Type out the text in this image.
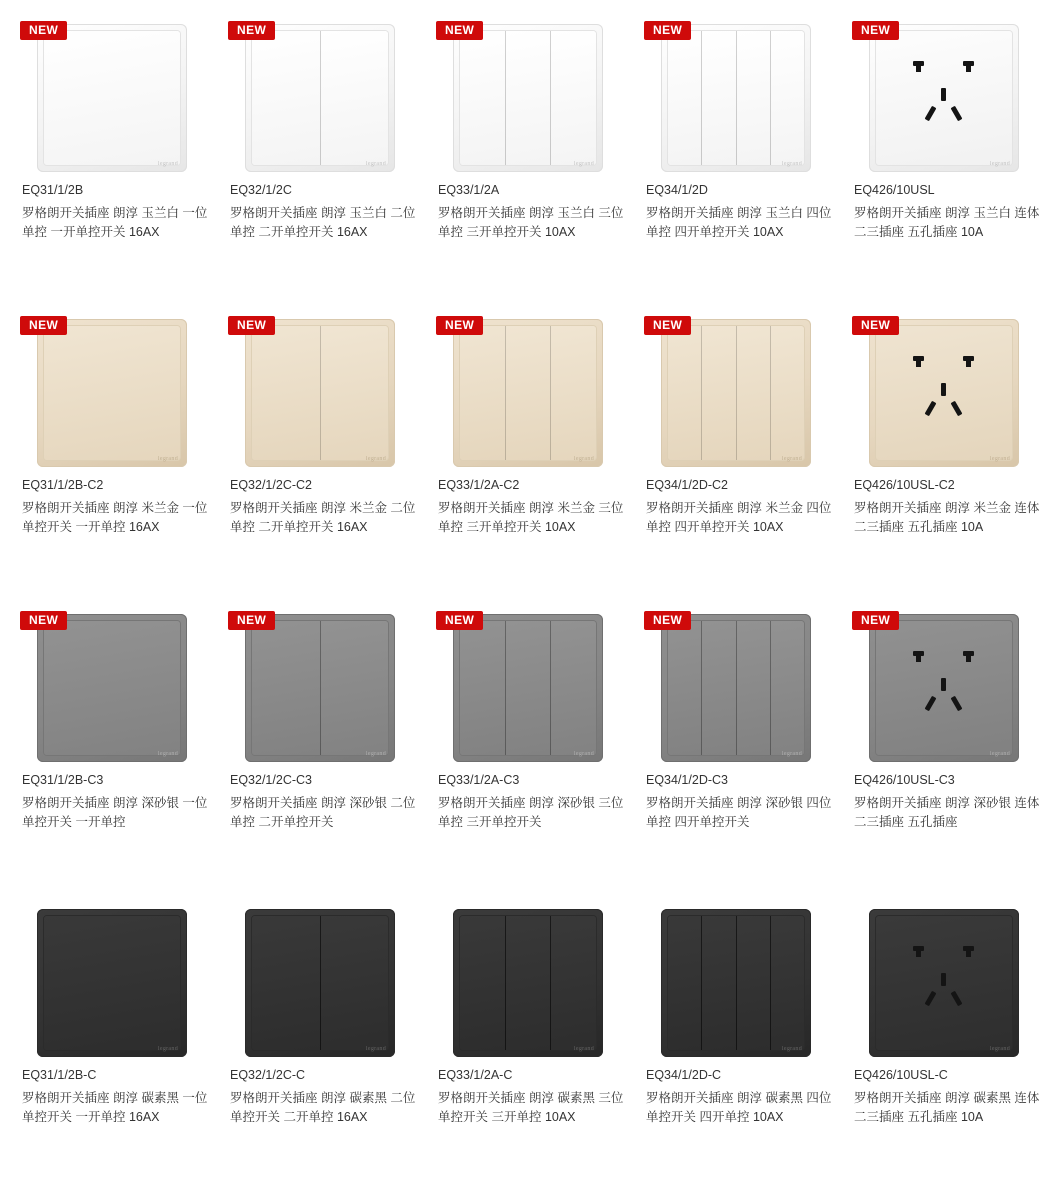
NEW
legrand
EQ31/1/2B
罗格朗开关插座 朗淳 玉兰白 一位单控 一开单控开关 16AX
NEW
legrand
EQ32/1/2C
罗格朗开关插座 朗淳 玉兰白 二位单控 二开单控开关 16AX
NEW
legrand
EQ33/1/2A
罗格朗开关插座 朗淳 玉兰白 三位单控 三开单控开关 10AX
NEW
legrand
EQ34/1/2D
罗格朗开关插座 朗淳 玉兰白 四位单控 四开单控开关 10AX
NEW
legrand
EQ426/10USL
罗格朗开关插座 朗淳 玉兰白 连体二三插座 五孔插座 10A
NEW
legrand
EQ31/1/2B-C2
罗格朗开关插座 朗淳 米兰金 一位单控开关 一开单控 16AX
NEW
legrand
EQ32/1/2C-C2
罗格朗开关插座 朗淳 米兰金 二位单控 二开单控开关 16AX
NEW
legrand
EQ33/1/2A-C2
罗格朗开关插座 朗淳 米兰金 三位单控 三开单控开关 10AX
NEW
legrand
EQ34/1/2D-C2
罗格朗开关插座 朗淳 米兰金 四位单控 四开单控开关 10AX
NEW
legrand
EQ426/10USL-C2
罗格朗开关插座 朗淳 米兰金 连体二三插座 五孔插座 10A
NEW
legrand
EQ31/1/2B-C3
罗格朗开关插座 朗淳 深砂银 一位单控开关 一开单控
NEW
legrand
EQ32/1/2C-C3
罗格朗开关插座 朗淳 深砂银 二位单控 二开单控开关
NEW
legrand
EQ33/1/2A-C3
罗格朗开关插座 朗淳 深砂银 三位单控 三开单控开关
NEW
legrand
EQ34/1/2D-C3
罗格朗开关插座 朗淳 深砂银 四位单控 四开单控开关
NEW
legrand
EQ426/10USL-C3
罗格朗开关插座 朗淳 深砂银 连体二三插座 五孔插座
legrand
EQ31/1/2B-C
罗格朗开关插座 朗淳 碳素黑 一位单控开关 一开单控 16AX
legrand
EQ32/1/2C-C
罗格朗开关插座 朗淳 碳素黑 二位单控开关 二开单控 16AX
legrand
EQ33/1/2A-C
罗格朗开关插座 朗淳 碳素黑 三位单控开关 三开单控 10AX
legrand
EQ34/1/2D-C
罗格朗开关插座 朗淳 碳素黑 四位单控开关 四开单控 10AX
legrand
EQ426/10USL-C
罗格朗开关插座 朗淳 碳素黑 连体二三插座 五孔插座 10A
